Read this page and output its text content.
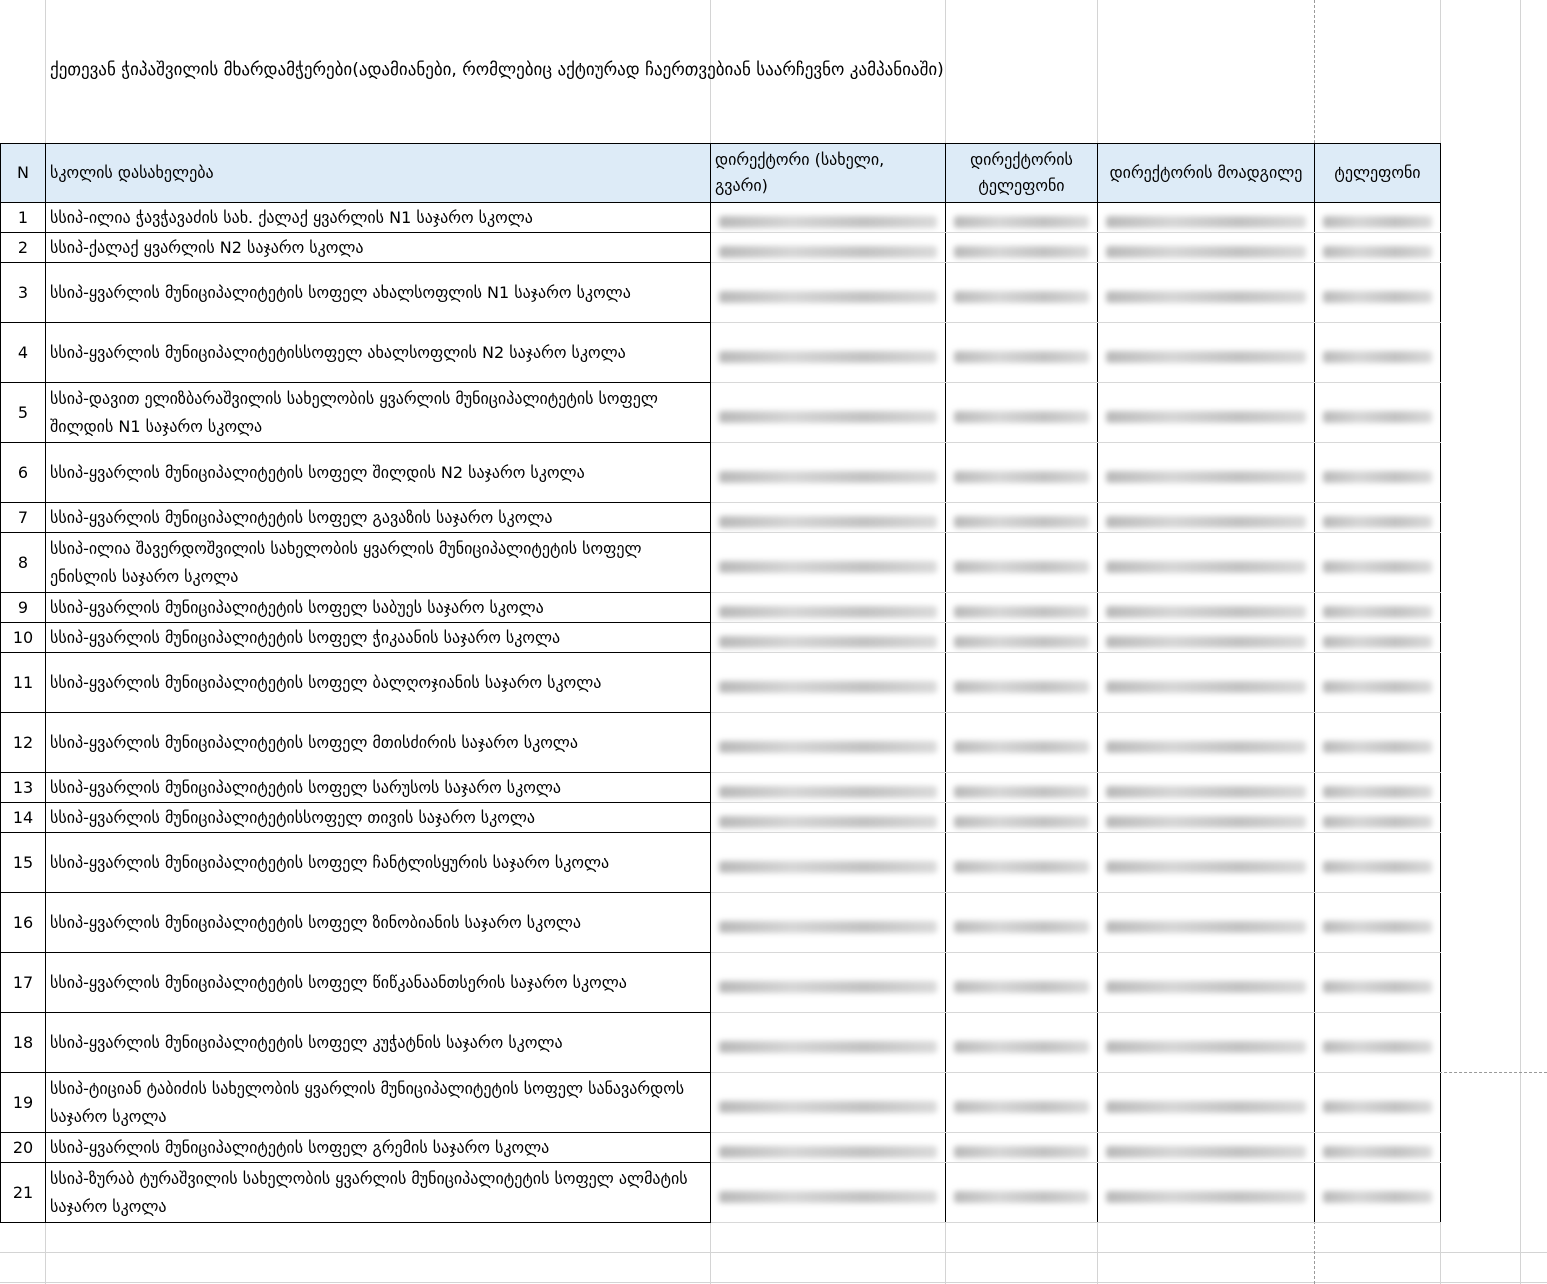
ქეთევან ჭიპაშვილის მხარდამჭერები(ადამიანები, რომლებიც აქტიურად ჩაერთვებიან საარჩევნო კამპანიაში)
N	სკოლის დასახელება	დირექტორი (სახელი, გვარი)	დირექტორის ტელეფონი	დირექტორის მოადგილე	ტელეფონი
1	სსიპ-ილია ჭავჭავაძის სახ. ქალაქ ყვარლის N1 საჯარო სკოლა	

2	სსიპ-ქალაქ ყვარლის N2 საჯარო სკოლა	

3	სსიპ-ყვარლის მუნიციპალიტეტის სოფელ ახალსოფლის N1 საჯარო სკოლა	

4	სსიპ-ყვარლის მუნიციპალიტეტისსოფელ ახალსოფლის N2 საჯარო სკოლა	

5	სსიპ-დავით ელიზბარაშვილის სახელობის ყვარლის მუნიციპალიტეტის სოფელ შილდის N1 საჯარო სკოლა	

6	სსიპ-ყვარლის მუნიციპალიტეტის სოფელ შილდის N2 საჯარო სკოლა	

7	სსიპ-ყვარლის მუნიციპალიტეტის სოფელ გავაზის საჯარო სკოლა	

8	სსიპ-ილია შავერდოშვილის სახელობის ყვარლის მუნიციპალიტეტის სოფელ ენისლის საჯარო სკოლა	

9	სსიპ-ყვარლის მუნიციპალიტეტის სოფელ საბუეს საჯარო სკოლა	

10	სსიპ-ყვარლის მუნიციპალიტეტის სოფელ ჭიკაანის საჯარო სკოლა	

11	სსიპ-ყვარლის მუნიციპალიტეტის სოფელ ბალღოჯიანის საჯარო სკოლა	

12	სსიპ-ყვარლის მუნიციპალიტეტის სოფელ მთისძირის საჯარო სკოლა	

13	სსიპ-ყვარლის მუნიციპალიტეტის სოფელ სარუსოს საჯარო სკოლა	

14	სსიპ-ყვარლის მუნიციპალიტეტისსოფელ თივის საჯარო სკოლა	

15	სსიპ-ყვარლის მუნიციპალიტეტის სოფელ ჩანტლისყურის საჯარო სკოლა	

16	სსიპ-ყვარლის მუნიციპალიტეტის სოფელ ზინობიანის საჯარო სკოლა	

17	სსიპ-ყვარლის მუნიციპალიტეტის სოფელ წიწკანაანთსერის საჯარო სკოლა	

18	სსიპ-ყვარლის მუნიციპალიტეტის სოფელ კუჭატნის საჯარო სკოლა	

19	სსიპ-ტიციან ტაბიძის სახელობის ყვარლის მუნიციპალიტეტის სოფელ სანავარდოს საჯარო სკოლა	

20	სსიპ-ყვარლის მუნიციპალიტეტის სოფელ გრემის საჯარო სკოლა	

21	სსიპ-ზურაბ ტურაშვილის სახელობის ყვარლის მუნიციპალიტეტის სოფელ ალმატის საჯარო სკოლა	
